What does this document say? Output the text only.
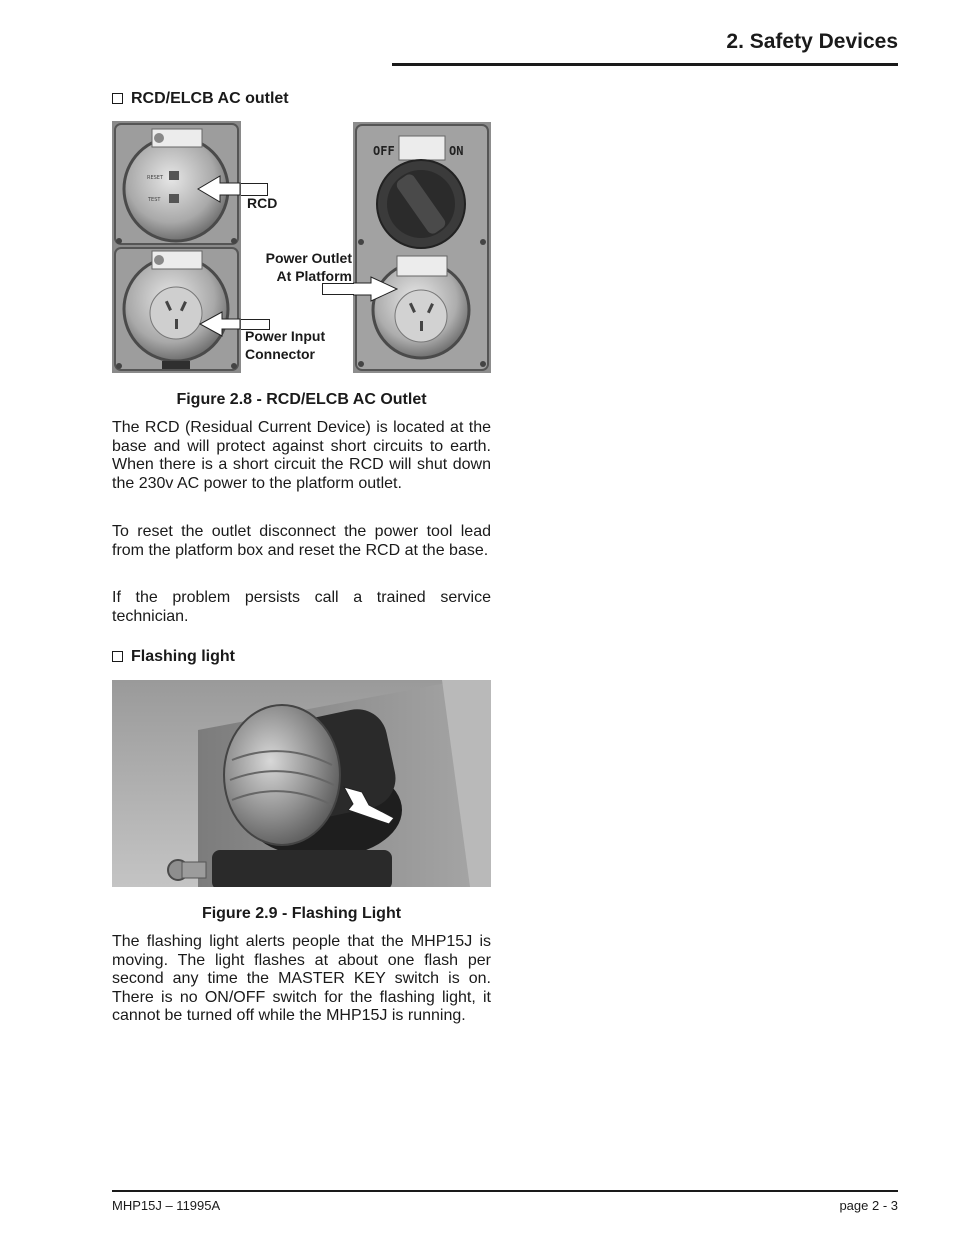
2. Safety Devices
RCD/ELCB AC outlet
RESET
TEST
OFF	ON
RCD
Power Outlet
At Platform
Power Input
Connector
Figure 2.8 - RCD/ELCB AC Outlet

The RCD (Residual Current Device) is located at the base and will protect against short circuits to earth. When there is a short circuit the RCD will shut down the 230v AC power to the platform outlet.

To reset the outlet disconnect the power tool lead from the platform box and reset the RCD at the base.

If the problem persists call a trained service technician.

Flashing light
Figure 2.9 - Flashing Light

The flashing light alerts people that the MHP15J is moving. The light flashes at about one flash per second any time the MASTER KEY switch is on. There is no ON/OFF switch for the flashing light, it cannot be turned off while the MHP15J is running.

MHP15J – 11995A	page 2 - 3
